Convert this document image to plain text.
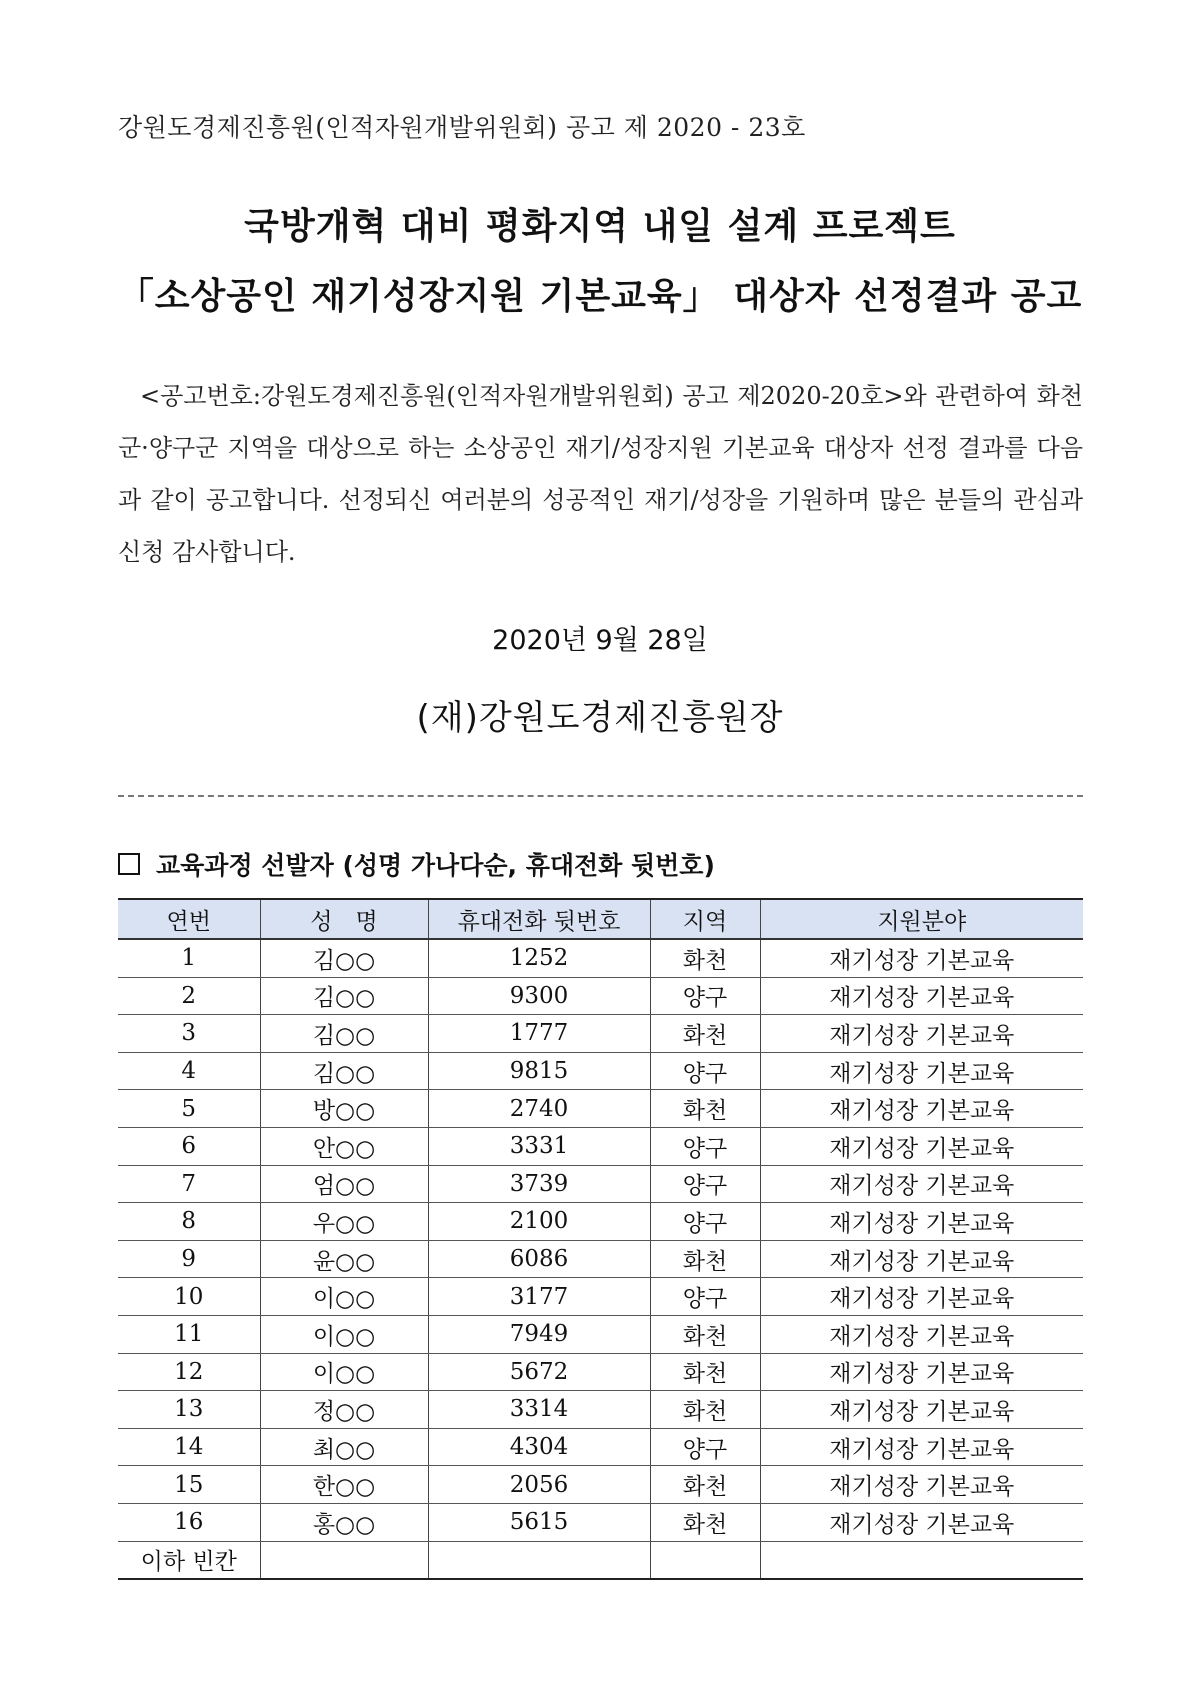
강원도경제진흥원(인적자원개발위원회) 공고 제 2020 - 23호
국방개혁 대비 평화지역 내일 설계 프로젝트
「소상공인 재기성장지원 기본교육」 대상자 선정결과 공고
<공고번호:강원도경제진흥원(인적자원개발위원회) 공고 제2020-20호>와 관련하여 화천군·양구군 지역을 대상으로 하는 소상공인 재기/성장지원 기본교육 대상자 선정 결과를 다음과 같이 공고합니다. 선정되신 여러분의 성공적인 재기/성장을 기원하며 많은 분들의 관심과 신청 감사합니다.
2020년 9월 28일
(재)강원도경제진흥원장
교육과정 선발자 (성명 가나다순, 휴대전화 뒷번호)
연번	성　명	휴대전화 뒷번호	지역	지원분야
1	김○○	1252	화천	재기성장 기본교육
2	김○○	9300	양구	재기성장 기본교육
3	김○○	1777	화천	재기성장 기본교육
4	김○○	9815	양구	재기성장 기본교육
5	방○○	2740	화천	재기성장 기본교육
6	안○○	3331	양구	재기성장 기본교육
7	엄○○	3739	양구	재기성장 기본교육
8	우○○	2100	양구	재기성장 기본교육
9	윤○○	6086	화천	재기성장 기본교육
10	이○○	3177	양구	재기성장 기본교육
11	이○○	7949	화천	재기성장 기본교육
12	이○○	5672	화천	재기성장 기본교육
13	정○○	3314	화천	재기성장 기본교육
14	최○○	4304	양구	재기성장 기본교육
15	한○○	2056	화천	재기성장 기본교육
16	홍○○	5615	화천	재기성장 기본교육
이하 빈칸				
